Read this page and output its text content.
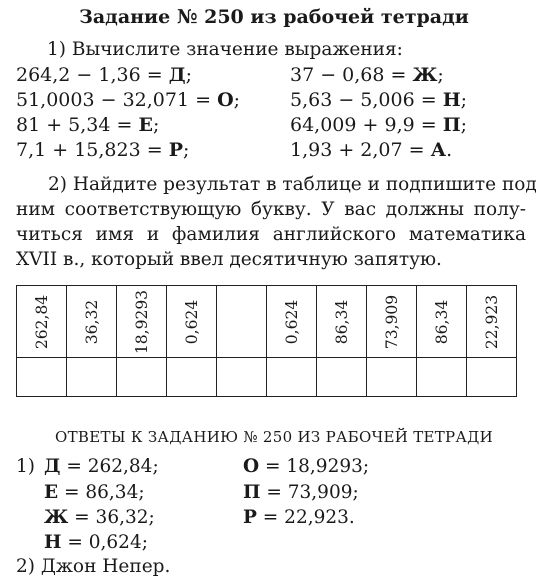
Задание № 250 из рабочей тетради
1) Вычислите значение выражения:
264,2 − 1,36 = Д;
51,0003 − 32,071 = О;
81 + 5,34 = Е;
7,1 + 15,823 = Р;
37 − 0,68 = Ж;
5,63 − 5,006 = Н;
64,009 + 9,9 = П;
1,93 + 2,07 = А.
2) Найдите результат в таблице и подпишите под
ним соответствующую букву. У вас должны полу-
читься имя и фамилия английского математика
XVII в., который ввел десятичную запятую.
262,84	36,32	18,9293	0,624		0,624	86,34	73,909	86,34	22,923

ОТВЕТЫ К ЗАДАНИЮ № 250 ИЗ РАБОЧЕЙ ТЕТРАДИ
1) Д = 262,84;
Е = 86,34;
Ж = 36,32;
Н = 0,624;
О = 18,9293;
П = 73,909;
Р = 22,923.
2) Джон Непер.
